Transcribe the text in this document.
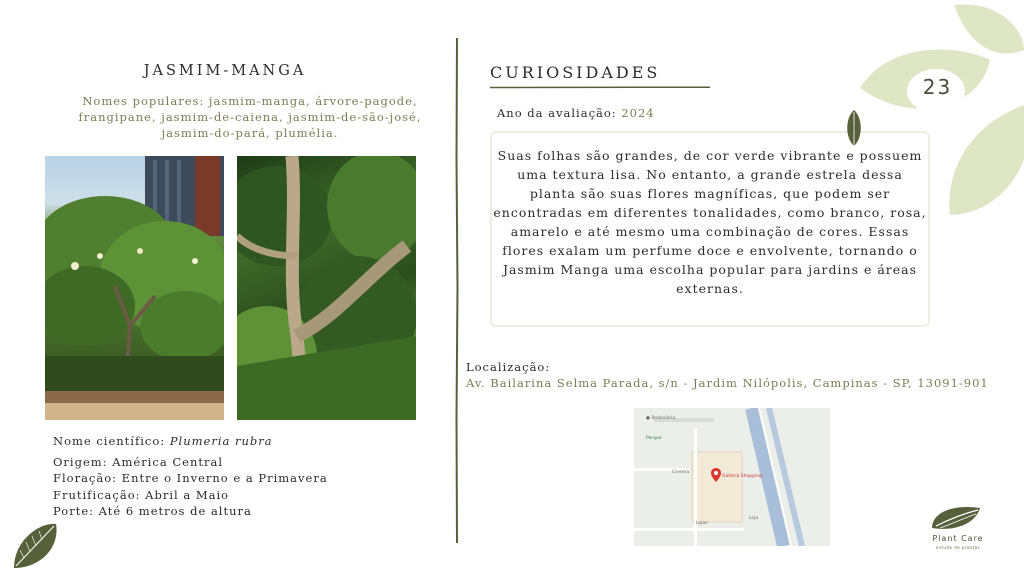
JASMIM-MANGA
Nomes populares: jasmim-manga, árvore-pagode,
frangipane, jasmim-de-caiena, jasmim-de-são-josé,
jasmim-do-pará, plumélia.
Nome científico: Plumeria rubra
Origem: América Central
Floração: Entre o Inverno e a Primavera
Frutificação: Abril a Maio
Porte: Até 6 metros de altura
CURIOSIDADES
Ano da avaliação: 2024
Suas folhas são grandes, de cor verde vibrante e possuem uma textura lisa. No entanto, a grande estrela dessa planta são suas flores magníficas, que podem ser encontradas em diferentes tonalidades, como branco, rosa, amarelo e até mesmo uma combinação de cores. Essas flores exalam um perfume doce e envolvente, tornando o Jasmim Manga uma escolha popular para jardins e áreas externas.
Localização:
Av. Bailarina Selma Parada, s/n - Jardim Nilópolis, Campinas - SP, 13091-901
● Rodoviária
Parque
Cinema
Galleria Shopping
Lojas
Loja
23
Plant Care
estudo de plantas
